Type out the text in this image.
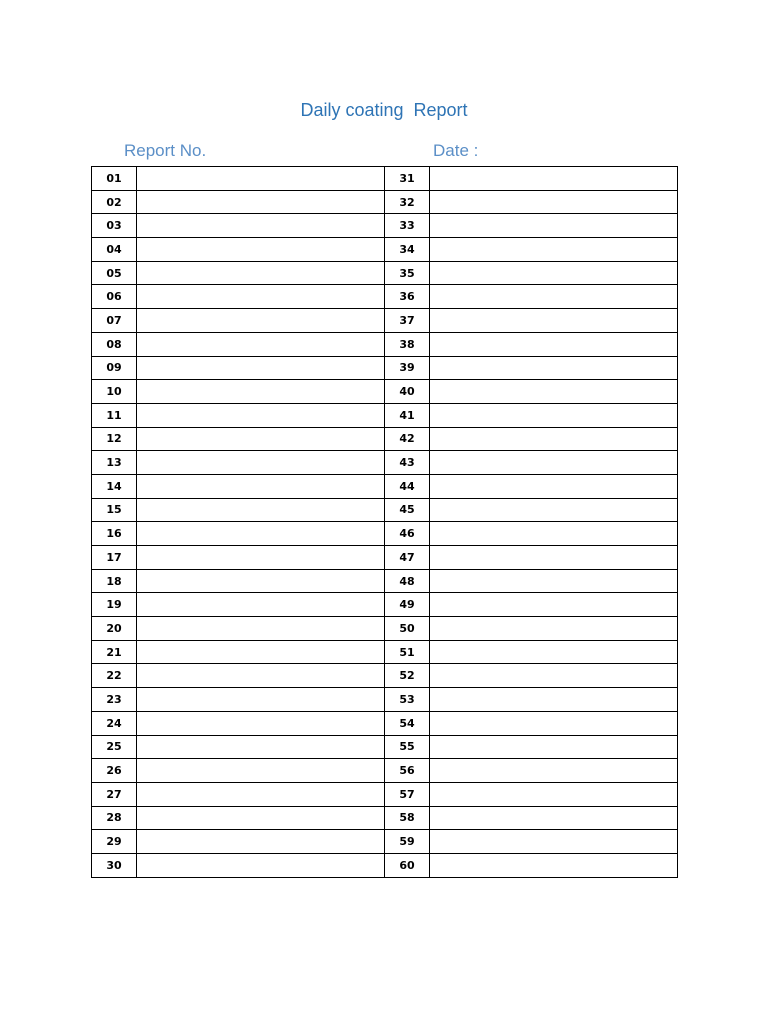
Daily coating  Report
Report No.	Date :
01		31	
02		32	
03		33	
04		34	
05		35	
06		36	
07		37	
08		38	
09		39	
10		40	
11		41	
12		42	
13		43	
14		44	
15		45	
16		46	
17		47	
18		48	
19		49	
20		50	
21		51	
22		52	
23		53	
24		54	
25		55	
26		56	
27		57	
28		58	
29		59	
30		60	
